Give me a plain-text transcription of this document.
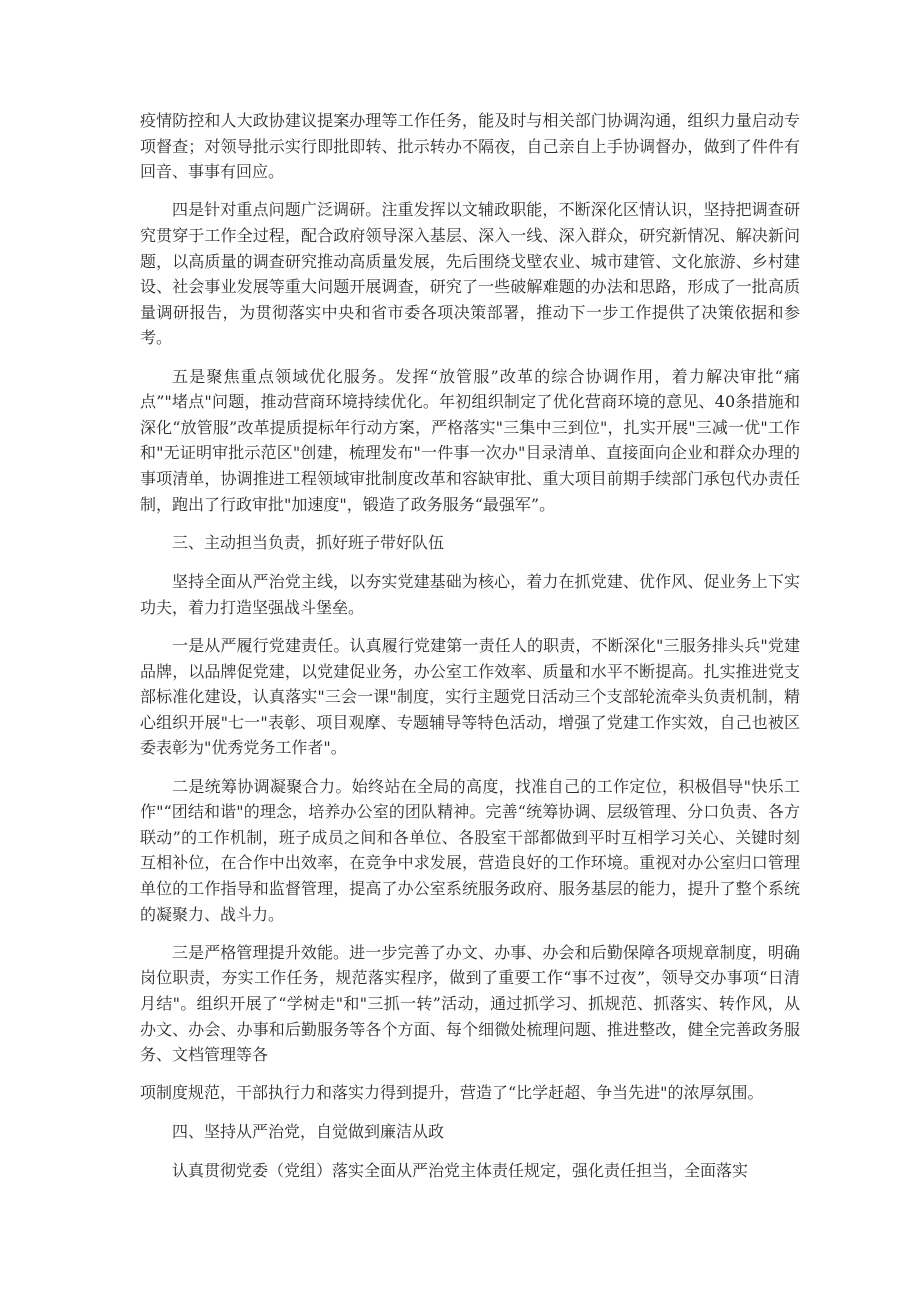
疫情防控和人大政协建议提案办理等工作任务，能及时与相关部门协调沟通，组织力量启动专项督查；对领导批示实行即批即转、批示转办不隔夜，自己亲自上手协调督办，做到了件件有回音、事事有回应。

四是针对重点问题广泛调研。注重发挥以文辅政职能，不断深化区情认识，坚持把调查研究贯穿于工作全过程，配合政府领导深入基层、深入一线、深入群众，研究新情况、解决新问题，以高质量的调查研究推动高质量发展，先后围绕戈壁农业、城市建管、文化旅游、乡村建设、社会事业发展等重大问题开展调查，研究了一些破解难题的办法和思路，形成了一批高质量调研报告，为贯彻落实中央和省市委各项决策部署，推动下一步工作提供了决策依据和参考。

五是聚焦重点领域优化服务。发挥“放管服”改革的综合协调作用，着力解决审批“痛点”"堵点"问题，推动营商环境持续优化。年初组织制定了优化营商环境的意见、40条措施和深化“放管服”改革提质提标年行动方案，严格落实"三集中三到位"，扎实开展"三减一优"工作和"无证明审批示范区"创建，梳理发布"一件事一次办"目录清单、直接面向企业和群众办理的事项清单，协调推进工程领域审批制度改革和容缺审批、重大项目前期手续部门承包代办责任制，跑出了行政审批"加速度"，锻造了政务服务“最强军”。

三、主动担当负责，抓好班子带好队伍

坚持全面从严治党主线，以夯实党建基础为核心，着力在抓党建、优作风、促业务上下实功夫，着力打造坚强战斗堡垒。

一是从严履行党建责任。认真履行党建第一责任人的职责，不断深化"三服务排头兵"党建品牌，以品牌促党建，以党建促业务，办公室工作效率、质量和水平不断提高。扎实推进党支部标准化建设，认真落实"三会一课"制度，实行主题党日活动三个支部轮流牵头负责机制，精心组织开展"七一"表彰、项目观摩、专题辅导等特色活动，增强了党建工作实效，自己也被区委表彰为"优秀党务工作者"。

二是统筹协调凝聚合力。始终站在全局的高度，找准自己的工作定位，积极倡导"快乐工作"“团结和谐"的理念，培养办公室的团队精神。完善“统筹协调、层级管理、分口负责、各方联动”的工作机制，班子成员之间和各单位、各股室干部都做到平时互相学习关心、关键时刻互相补位，在合作中出效率，在竞争中求发展，营造良好的工作环境。重视对办公室归口管理单位的工作指导和监督管理，提高了办公室系统服务政府、服务基层的能力，提升了整个系统的凝聚力、战斗力。

三是严格管理提升效能。进一步完善了办文、办事、办会和后勤保障各项规章制度，明确岗位职责，夯实工作任务，规范落实程序，做到了重要工作“事不过夜”，领导交办事项“日清月结"。组织开展了“学树走"和"三抓一转”活动，通过抓学习、抓规范、抓落实、转作风，从办文、办会、办事和后勤服务等各个方面、每个细微处梳理问题、推进整改，健全完善政务服务、文档管理等各

项制度规范，干部执行力和落实力得到提升，营造了“比学赶超、争当先进"的浓厚氛围。

四、坚持从严治党，自觉做到廉洁从政

认真贯彻党委（党组）落实全面从严治党主体责任规定，强化责任担当，全面落实
